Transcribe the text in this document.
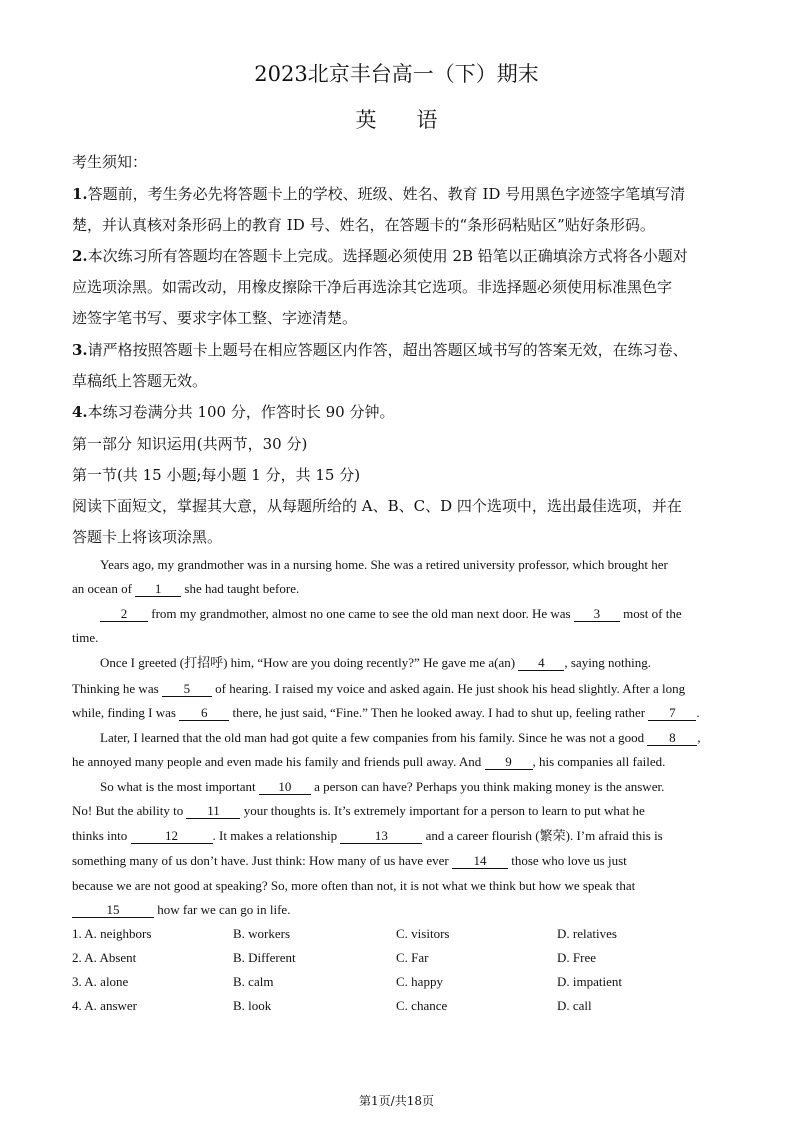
2023北京丰台高一（下）期末
英语
考生须知：
1.答题前，考生务必先将答题卡上的学校、班级、姓名、教育 ID 号用黑色字迹签字笔填写清
楚，并认真核对条形码上的教育 ID 号、姓名，在答题卡的“条形码粘贴区”贴好条形码。
2.本次练习所有答题均在答题卡上完成。选择题必须使用 2B 铅笔以正确填涂方式将各小题对
应选项涂黑。如需改动，用橡皮擦除干净后再选涂其它选项。非选择题必须使用标准黑色字
迹签字笔书写、要求字体工整、字迹清楚。
3.请严格按照答题卡上题号在相应答题区内作答，超出答题区域书写的答案无效，在练习卷、
草稿纸上答题无效。
4.本练习卷满分共 100 分，作答时长 90 分钟。
第一部分 知识运用(共两节，30 分)
第一节(共 15 小题;每小题 1 分，共 15 分)
阅读下面短文，掌握其大意，从每题所给的 A、B、C、D 四个选项中，选出最佳选项，并在
答题卡上将该项涂黑。
Years ago, my grandmother was in a nursing home. She was a retired university professor, which brought her
an ocean of 1 she had taught before.
2 from my grandmother, almost no one came to see the old man next door. He was 3 most of the
time.
Once I greeted (打招呼) him, “How are you doing recently?” He gave me a(an) 4 , saying nothing.
Thinking he was 5 of hearing. I raised my voice and asked again. He just shook his head slightly. After a long
while, finding I was 6 there, he just said, “Fine.” Then he looked away. I had to shut up, feeling rather 7 .
Later, I learned that the old man had got quite a few companies from his family. Since he was not a good 8 ,
he annoyed many people and even made his family and friends pull away. And 9 , his companies all failed.
So what is the most important 10 a person can have? Perhaps you think making money is the answer.
No! But the ability to 11 your thoughts is. It’s extremely important for a person to learn to put what he
thinks into	12	. It makes a relationship	13	and a career flourish (繁荣). I’m afraid this is
something many of us don’t have. Just think: How many of us have ever 14 those who love us just
because we are not good at speaking? So, more often than not, it is not what we think but how we speak that
15	how far we can go in life.
1. A. neighbors	B. workers	C. visitors	D. relatives
2. A. Absent	B. Different	C. Far	D. Free
3. A. alone	B. calm	C. happy	D. impatient
4. A. answer	B. look	C. chance	D. call
第1页/共18页
